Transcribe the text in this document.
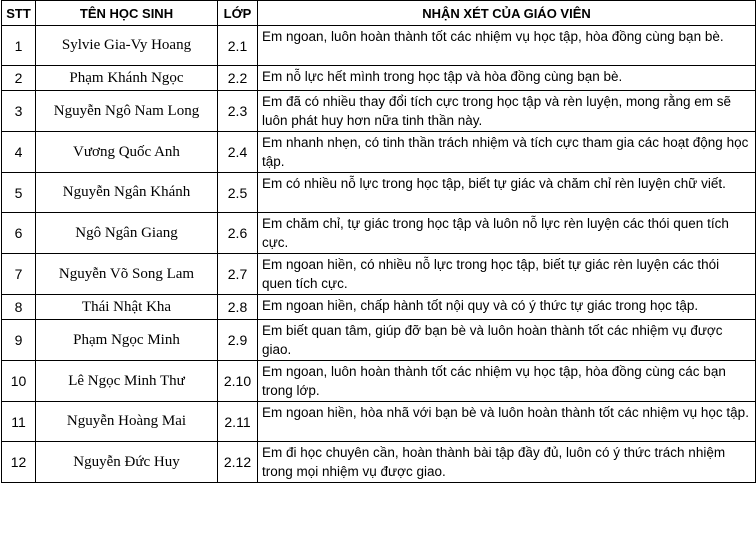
STT	TÊN HỌC SINH	LỚP	NHẬN XÉT CỦA GIÁO VIÊN
1	Sylvie Gia-Vy Hoang	2.1	Em ngoan, luôn hoàn thành tốt các nhiệm vụ học tập, hòa đồng cùng bạn bè.
2	Phạm Khánh Ngọc	2.2	Em nỗ lực hết mình trong học tập và hòa đồng cùng bạn bè.
3	Nguyễn Ngô Nam Long	2.3	Em đã có nhiều thay đổi tích cực trong học tập và rèn luyện, mong rằng em sẽ luôn phát huy hơn nữa tinh thần này.
4	Vương Quốc Anh	2.4	Em nhanh nhẹn, có tinh thần trách nhiệm và tích cực tham gia các hoạt động học tập.
5	Nguyễn Ngân Khánh	2.5	Em có nhiều nỗ lực trong học tập, biết tự giác và chăm chỉ rèn luyện chữ viết.
6	Ngô Ngân Giang	2.6	Em chăm chỉ, tự giác trong học tập và luôn nỗ lực rèn luyện các thói quen tích cực.
7	Nguyễn Võ Song Lam	2.7	Em ngoan hiền, có nhiều nỗ lực trong học tập, biết tự giác rèn luyện các thói quen tích cực.
8	Thái Nhật Kha	2.8	Em ngoan hiền, chấp hành tốt nội quy và có ý thức tự giác trong học tập.
9	Phạm Ngọc Minh	2.9	Em biết quan tâm, giúp đỡ bạn bè và luôn hoàn thành tốt các nhiệm vụ được giao.
10	Lê Ngọc Minh Thư	2.10	Em ngoan, luôn hoàn thành tốt các nhiệm vụ học tập, hòa đồng cùng các bạn trong lớp.
11	Nguyễn Hoàng Mai	2.11	Em ngoan hiền, hòa nhã với bạn bè và luôn hoàn thành tốt các nhiệm vụ học tập.
12	Nguyễn Đức Huy	2.12	Em đi học chuyên cần, hoàn thành bài tập đầy đủ, luôn có ý thức trách nhiệm trong mọi nhiệm vụ được giao.
